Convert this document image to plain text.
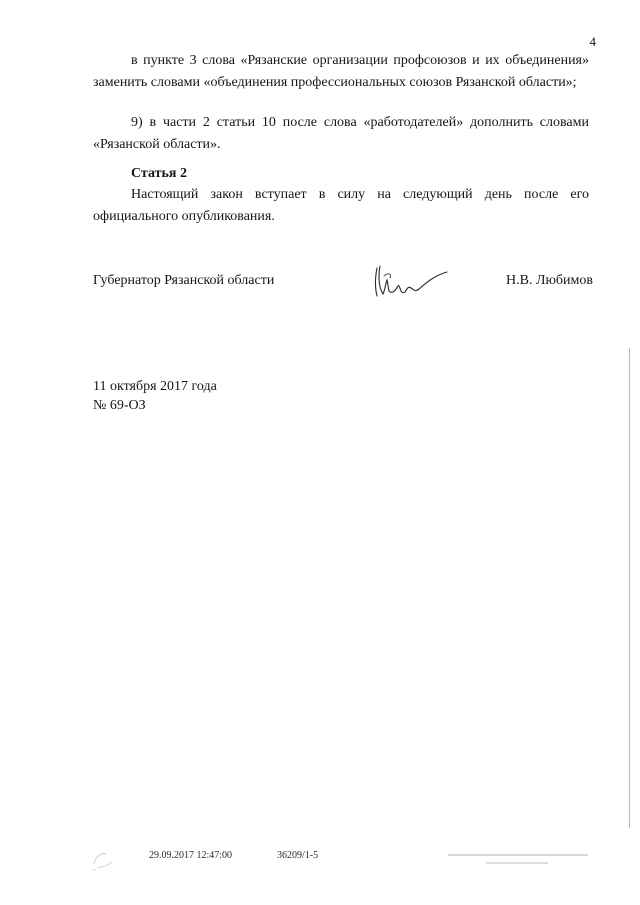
4

в пункте 3 слова «Рязанские организации профсоюзов и их объединения» заменить словами «объединения профессиональных союзов Рязанской области»;

9) в части 2 статьи 10 после слова «работодателей» дополнить словами «Рязанской области».

Статья 2

Настоящий закон вступает в силу на следующий день после его официального опубликования.

Губернатор Рязанской области	Н.В. Любимов
11 октября 2017 года
№ 69-ОЗ
29.09.2017 12:47:00	36209/1-5
